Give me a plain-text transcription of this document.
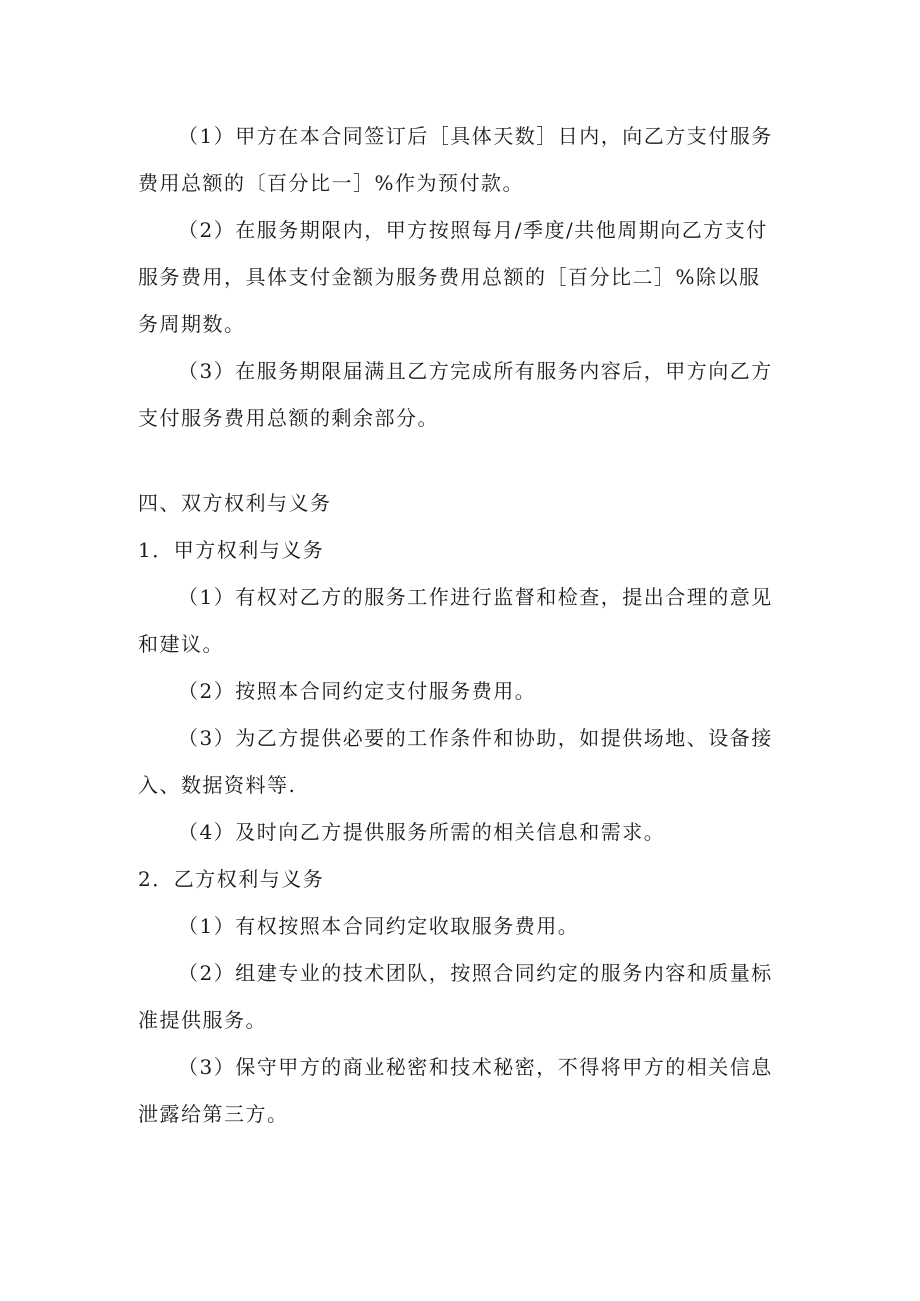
（1）甲方在本合同签订后［具体天数］日内，向乙方支付服务费用总额的〔百分比一］%作为预付款。

（2）在服务期限内，甲方按照每月/季度/共他周期向乙方支付服务费用，具体支付金额为服务费用总额的［百分比二］%除以服务周期数。

（3）在服务期限届满且乙方完成所有服务内容后，甲方向乙方支付服务费用总额的剩余部分。

四、双方权利与义务

1．甲方权利与义务

（1）有权对乙方的服务工作进行监督和检查，提出合理的意见和建议。

（2）按照本合同约定支付服务费用。

（3）为乙方提供必要的工作条件和协助，如提供场地、设备接入、数据资料等.

（4）及时向乙方提供服务所需的相关信息和需求。

2．乙方权利与义务

（1）有权按照本合同约定收取服务费用。

（2）组建专业的技术团队，按照合同约定的服务内容和质量标准提供服务。

（3）保守甲方的商业秘密和技术秘密，不得将甲方的相关信息泄露给第三方。
